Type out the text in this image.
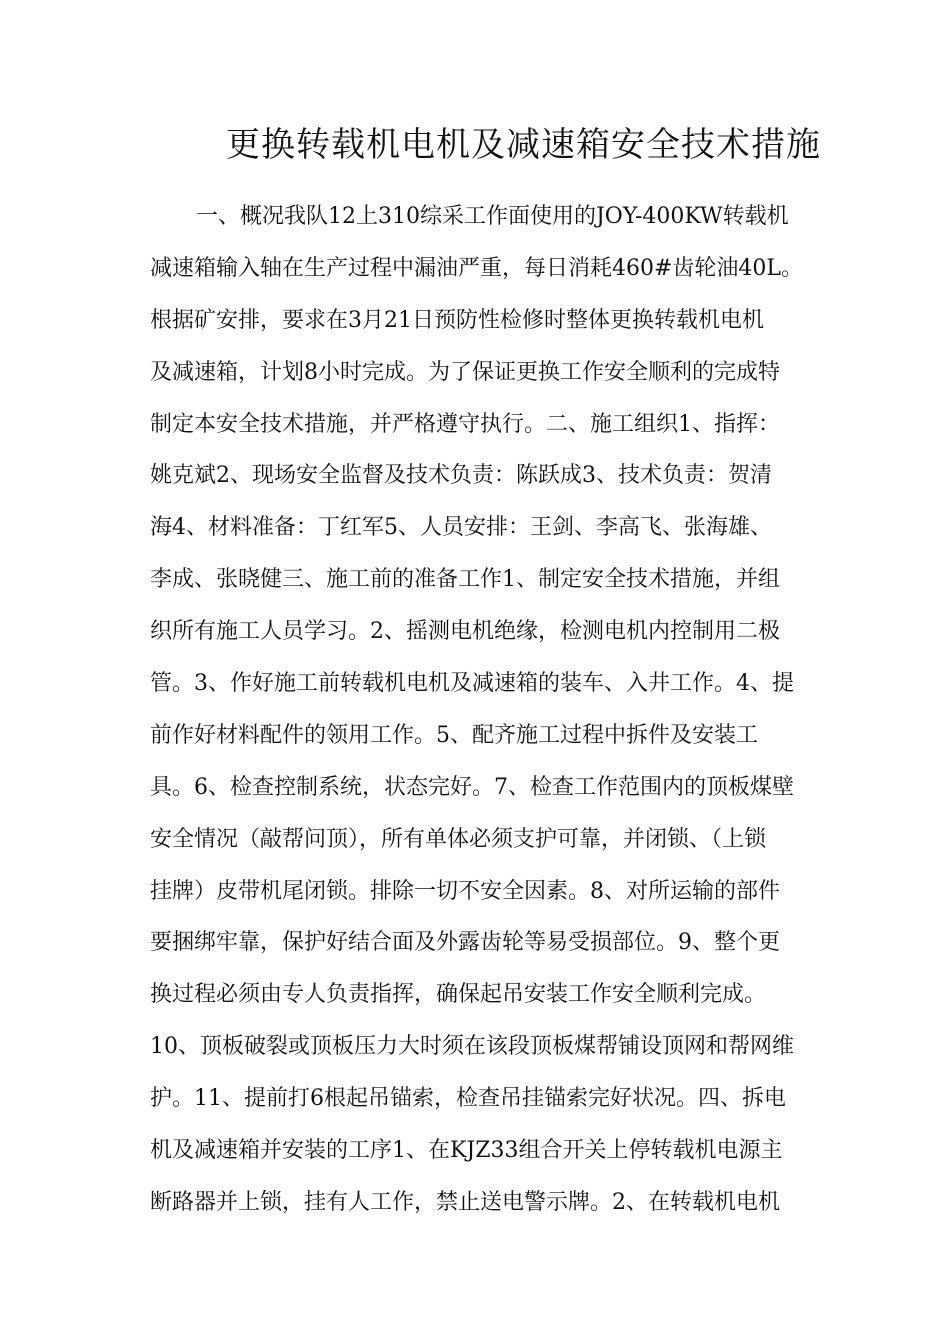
更换转载机电机及减速箱安全技术措施
一、概况我队12上310综采工作面使用的JOY-400KW转载机
减速箱输入轴在生产过程中漏油严重，每日消耗460#齿轮油40L。
根据矿安排，要求在3月21日预防性检修时整体更换转载机电机
及减速箱，计划8小时完成。为了保证更换工作安全顺利的完成特
制定本安全技术措施，并严格遵守执行。二、施工组织1、指挥：
姚克斌2、现场安全监督及技术负责：陈跃成3、技术负责：贺清
海4、材料准备：丁红军5、人员安排：王剑、李高飞、张海雄、
李成、张晓健三、施工前的准备工作1、制定安全技术措施，并组
织所有施工人员学习。2、摇测电机绝缘，检测电机内控制用二极
管。3、作好施工前转载机电机及减速箱的装车、入井工作。4、提
前作好材料配件的领用工作。5、配齐施工过程中拆件及安装工
具。6、检查控制系统，状态完好。7、检查工作范围内的顶板煤壁
安全情况（敲帮问顶），所有单体必须支护可靠，并闭锁、（上锁
挂牌）皮带机尾闭锁。排除一切不安全因素。8、对所运输的部件
要捆绑牢靠，保护好结合面及外露齿轮等易受损部位。9、整个更
换过程必须由专人负责指挥，确保起吊安装工作安全顺利完成。
10、顶板破裂或顶板压力大时须在该段顶板煤帮铺设顶网和帮网维
护。11、提前打6根起吊锚索，检查吊挂锚索完好状况。四、拆电
机及减速箱并安装的工序1、在KJZ33组合开关上停转载机电源主
断路器并上锁，挂有人工作，禁止送电警示牌。2、在转载机电机
